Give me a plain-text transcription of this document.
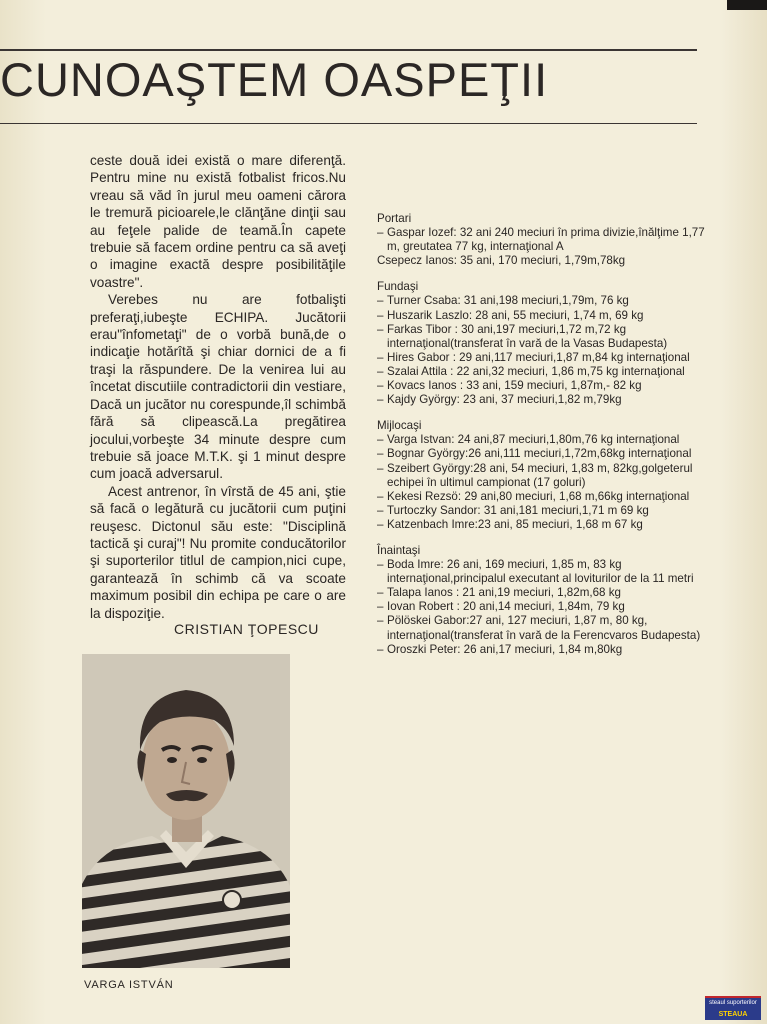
CUNOAŞTEM OASPEŢII

ceste două idei există o mare diferenţă. Pentru mine nu există fotbalist fricos.Nu vreau să văd în jurul meu oameni cărora le tremură picioarele,le clănţăne dinţii sau au feţele palide de teamă.În capete trebuie să facem ordine pentru ca să aveţi o imagine exactă despre posibilităţile voastre".

Verebes nu are fotbalişti preferaţi,iubeşte ECHIPA. Jucătorii erau"înfometaţi" de o vorbă bună,de o indicaţie hotărîtă şi chiar dornici de a fi traşi la răspundere. De la venirea lui au încetat discutiile contradictorii din vestiare, Dacă un jucător nu corespunde,îl schimbă fără să clipească.La pregătirea jocului,vorbeşte 34 minute despre cum trebuie să joace M.T.K. şi 1 minut despre cum joacă adversarul.

Acest antrenor, în vîrstă de 45 ani, ştie să facă o legătură cu jucătorii cum puţini reuşesc. Dictonul său este: "Disciplină tactică şi curaj"! Nu promite conducătorilor şi suporterilor titlul de campion,nici cupe, garantează în schimb că va scoate maximum posibil din echipa pe care o are la dispoziţie.

CRISTIAN ŢOPESCU
VARGA ISTVÁN

Portari

– Gaspar Iozef: 32 ani 240 meciuri în prima divizie,înălţime 1,77 m, greutatea 77 kg, internaţional A
Csepecz Ianos: 35 ani, 170 meciuri, 1,79m,78kg

Fundaşi

– Turner Csaba: 31 ani,198 meciuri,1,79m, 76 kg
– Huszarik Laszlo: 28 ani, 55 meciuri, 1,74 m, 69 kg
– Farkas Tibor : 30 ani,197 meciuri,1,72 m,72 kg internaţional(transferat în vară de la Vasas Budapesta)
– Hires Gabor : 29 ani,117 meciuri,1,87 m,84 kg internaţional
– Szalai Attila : 22 ani,32 meciuri, 1,86 m,75 kg internaţional
– Kovacs Ianos : 33 ani, 159 meciuri, 1,87m,- 82 kg
– Kajdy György: 23 ani, 37 meciuri,1,82 m,79kg

Mijlocaşi

– Varga Istvan: 24 ani,87 meciuri,1,80m,76 kg internaţional
– Bognar György:26 ani,111 meciuri,1,72m,68kg internaţional
– Szeibert György:28 ani, 54 meciuri, 1,83 m, 82kg,golgeterul echipei în ultimul campionat (17 goluri)
– Kekesi Rezsö: 29 ani,80 meciuri, 1,68 m,66kg internaţional
– Turtoczky Sandor: 31 ani,181 meciuri,1,71 m 69 kg
– Katzenbach Imre:23 ani, 85 meciuri, 1,68 m 67 kg

Înaintaşi

– Boda Imre: 26 ani, 169 meciuri, 1,85 m, 83 kg internaţional,principalul executant al loviturilor de la 11 metri
– Talapa Ianos : 21 ani,19 meciuri, 1,82m,68 kg
– Iovan Robert : 20 ani,14 meciuri, 1,84m, 79 kg
– Pölöskei Gabor:27 ani, 127 meciuri, 1,87 m, 80 kg, internaţional(transferat în vară de la Ferencvaros Budapesta)
– Oroszki Peter: 26 ani,17 meciuri, 1,84 m,80kg
steaul suporterilor
STEAUA
